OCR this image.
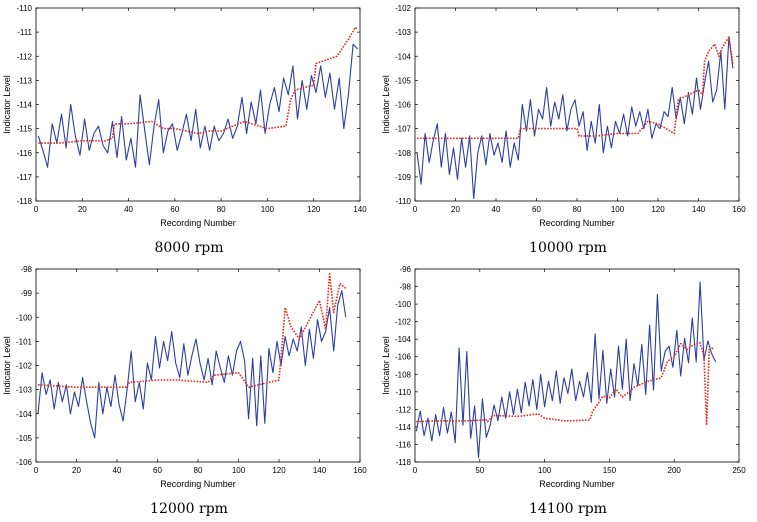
0	20	40	60	80	100	120	140
-118
-117
-116
-115
-114
-113
-112
-111
-110
Recording Number
Indicator Level
8000 rpm
0	20	40	60	80	100	120	140	160
-110
-109
-108
-107
-106
-105
-104
-103
-102
Recording Number
Indicator Level
10000 rpm
0	20	40	60	80	100	120	140	160
-106
-105
-104
-103
-102
-101
-100
-99
-98
Recording Number
Indicator Level
12000 rpm
0	50	100	150	200	250
-118
-116
-114
-112
-110
-108
-106
-104
-102
-100
-98
-96
Recording Number
Indicator Level
14100 rpm
